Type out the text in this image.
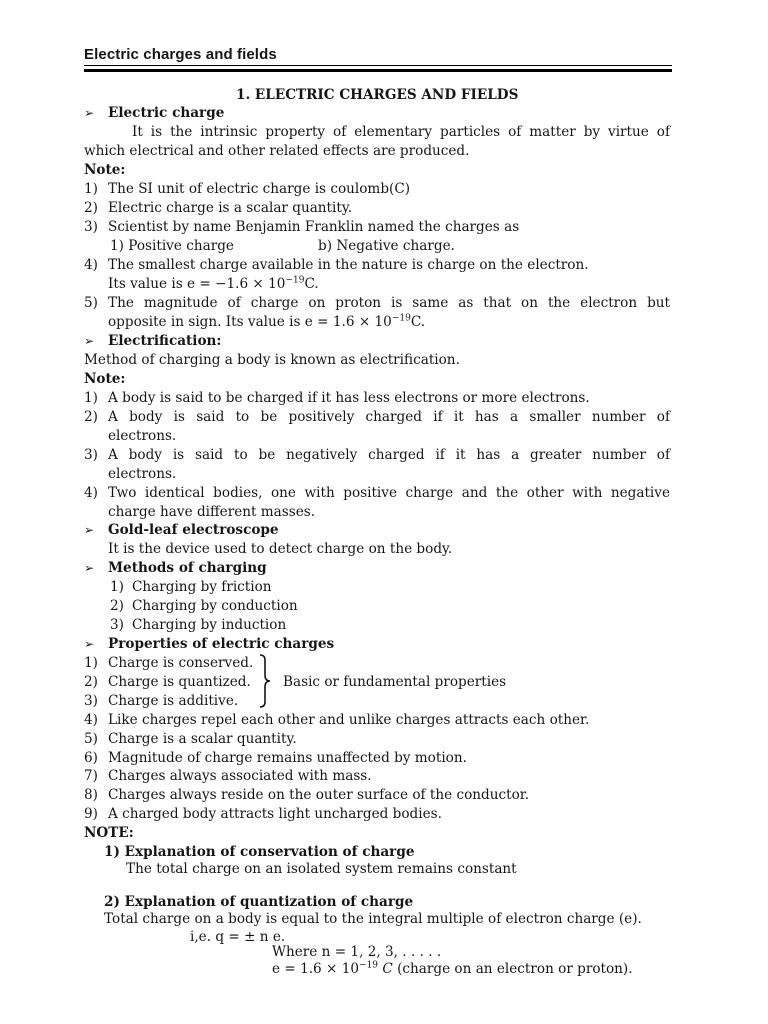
Electric charges and fields
1. ELECTRIC CHARGES AND FIELDS
➢ Electric charge
It is the intrinsic property of elementary particles of matter by virtue of
which electrical and other related effects are produced.
Note:
1) The SI unit of electric charge is coulomb(C)
2) Electric charge is a scalar quantity.
3) Scientist by name Benjamin Franklin named the charges as
1) Positive charge	b) Negative charge.
4) The smallest charge available in the nature is charge on the electron.
Its value is $e = -1.6 \times 10^{-19}C$.
5) The magnitude of charge on proton is same as that on the electron but
opposite in sign. Its value is $e = 1.6 \times 10^{-19}C$.
➢ Electrification:
Method of charging a body is known as electrification.
Note:
1) A body is said to be charged if it has less electrons or more electrons.
2) A body is said to be positively charged if it has a smaller number of
electrons.
3) A body is said to be negatively charged if it has a greater number of
electrons.
4) Two identical bodies, one with positive charge and the other with negative
charge have different masses.
➢ Gold-leaf electroscope
It is the device used to detect charge on the body.
➢ Methods of charging
1) Charging by friction
2) Charging by conduction
3) Charging by induction
➢ Properties of electric charges
1) Charge is conserved.
2) Charge is quantized.
3) Charge is additive.
Basic or fundamental properties
4) Like charges repel each other and unlike charges attracts each other.
5) Charge is a scalar quantity.
6) Magnitude of charge remains unaffected by motion.
7) Charges always associated with mass.
8) Charges always reside on the outer surface of the conductor.
9) A charged body attracts light uncharged bodies.
NOTE:
1) Explanation of conservation of charge
The total charge on an isolated system remains constant
2) Explanation of quantization of charge
Total charge on a body is equal to the integral multiple of electron charge (e).
i,e. q = ± n e.
Where n = 1, 2, 3, . . . . .
$e = 1.6 \times 10^{-19}$ C (charge on an electron or proton).
